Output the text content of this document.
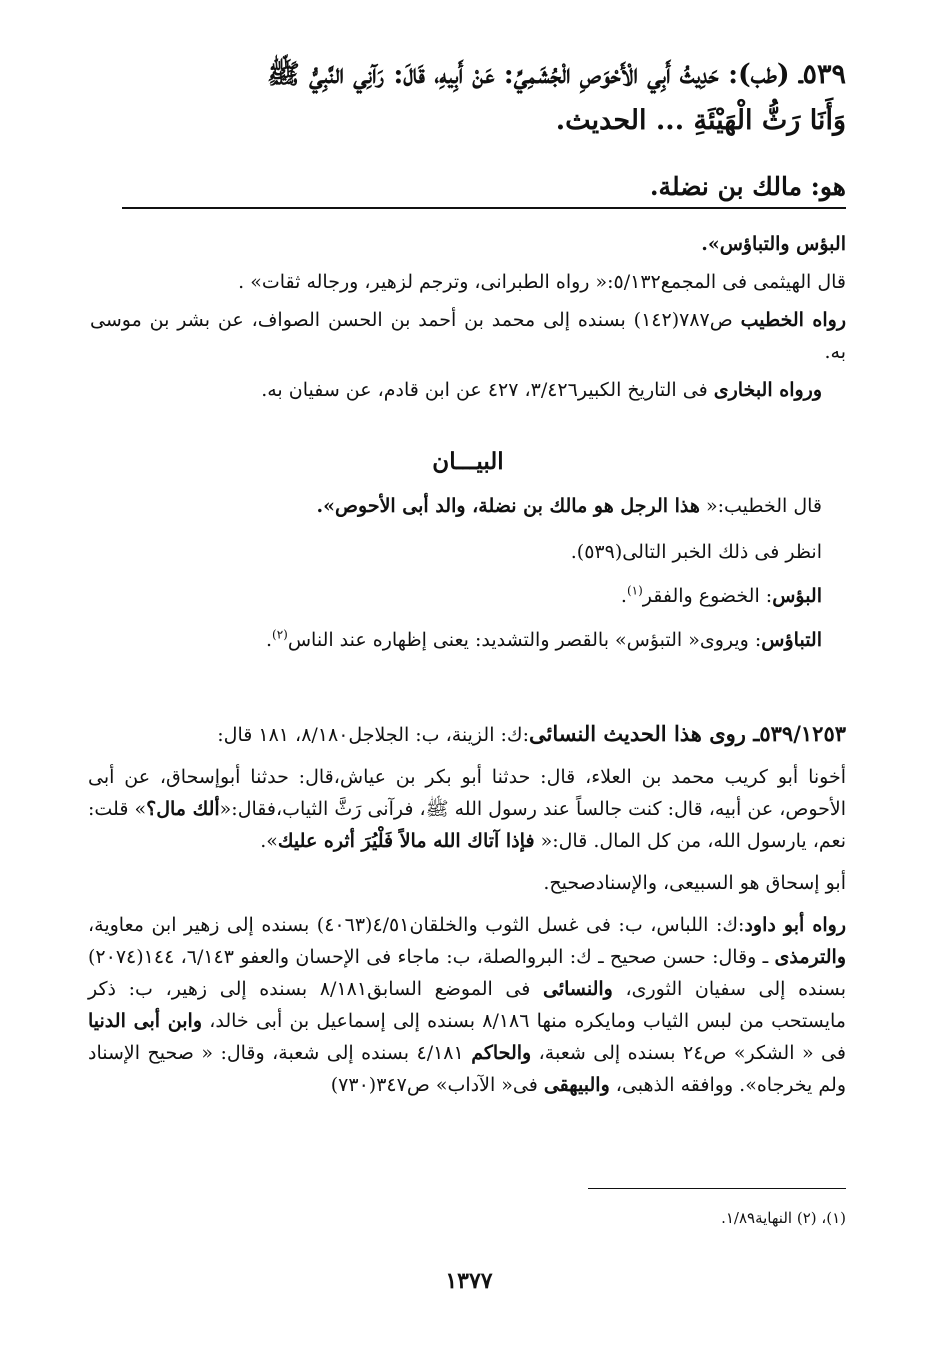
٥٣٩ـ (طب): حَدِيثُ أَبِي الْأَحْوَصِ الْجُشَمِيِّ: عَنْ أَبِيهِ، قَالَ: رَآنِي النَّبِيُّ ﷺ
وَأَنَا رَثُّ الْهَيْئَةِ ... الحديث.
هو: مالك بن نضلة.
البؤس والتباؤس».
قال الهيثمى فى المجمع٥/١٣٢:« رواه الطبرانى، وترجم لزهير، ورجاله ثقات» .
رواه الخطيب ص٧٨٧(١٤٢) بسنده إلى محمد بن أحمد بن الحسن الصواف، عن بشر بن موسى به.
ورواه البخارى فى التاريخ الكبير٣/٤٢٦، ٤٢٧ عن ابن قادم، عن سفيان به.
البيـــان
قال الخطيب:« هذا الرجل هو مالك بن نضلة، والد أبى الأحوص».
انظر فى ذلك الخبر التالى(٥٣٩).
البؤس: الخضوع والفقر$^{(١)}$.
التباؤس: ويروى« التبؤس» بالقصر والتشديد: يعنى إظهاره عند الناس$^{(٢)}$.
٥٣٩/١٢٥٣ـ روى هذا الحديث النسائى:ك: الزينة، ب: الجلاجل٨/١٨٠، ١٨١ قال:
أخونا أبو كريب محمد بن العلاء، قال: حدثنا أبو بكر بن عياش،قال: حدثنا أبوإسحاق، عن أبى الأحوص، عن أبيه، قال: كنت جالساً عند رسول الله ﷺ، فرآنى رَثَّ الثياب،فقال:«ألك مال؟» قلت: نعم، يارسول الله، من كل المال. قال:« فإذا آتاك الله مالاً فَلْيُرَ أثره عليك».
أبو إسحاق هو السبيعى، والإسنادصحيح.
رواه أبو داود:ك: اللباس، ب: فى غسل الثوب والخلقان٤/٥١(٤٠٦٣) بسنده إلى زهير ابن معاوية، والترمذى ـ وقال: حسن صحيح ـ ك: البروالصلة، ب: ماجاء فى الإحسان والعفو ٦/١٤٣، ١٤٤(٢٠٧٤) بسنده إلى سفيان الثورى، والنسائى فى الموضع السابق٨/١٨١ بسنده إلى زهير، ب: ذكر مايستحب من لبس الثياب ومايكره منها ٨/١٨٦ بسنده إلى إسماعيل بن أبى خالد، وابن أبى الدنيا فى « الشكر» ص٢٤ بسنده إلى شعبة، والحاكم ٤/١٨١ بسنده إلى شعبة، وقال: « صحيح الإسناد ولم يخرجاه». ووافقه الذهبى، والبيهقى فى« الآداب» ص٣٤٧(٧٣٠)
(١)، (٢) النهاية١/٨٩.
١٣٧٧
